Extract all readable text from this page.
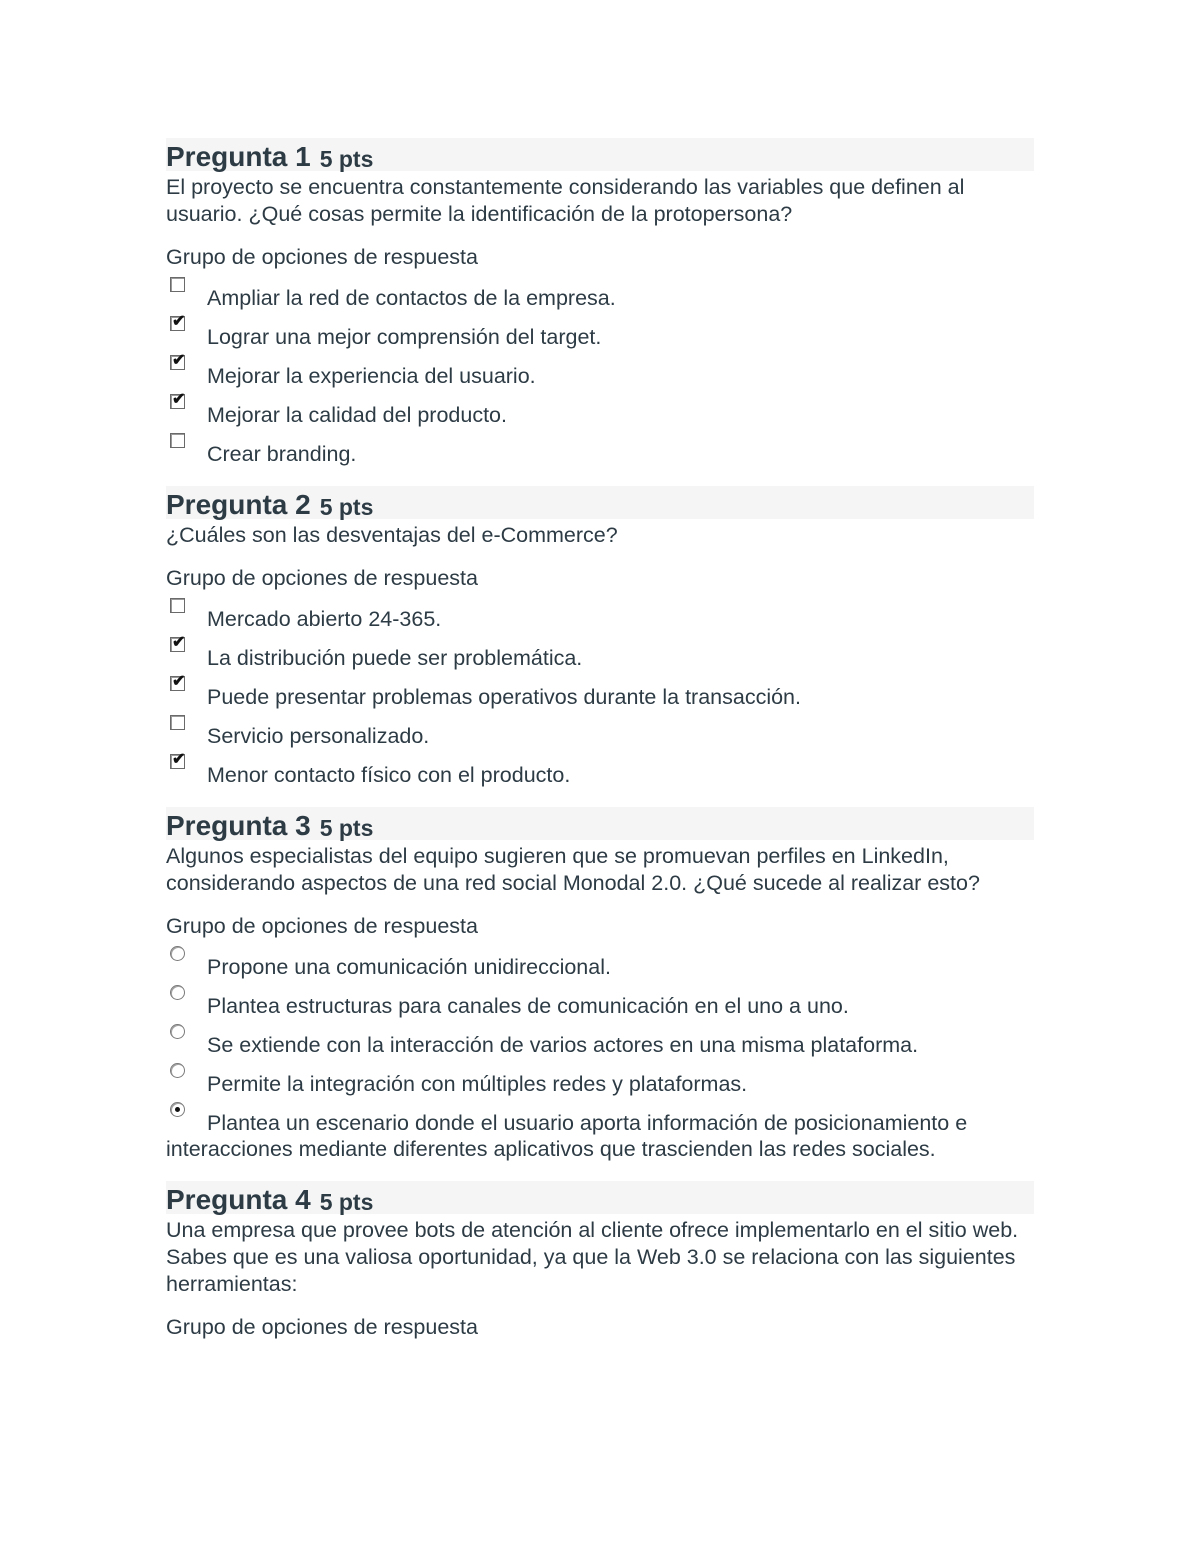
Pregunta 1 5 pts
El proyecto se encuentra constantemente considerando las variables que definen al usuario. ¿Qué cosas permite la identificación de la protopersona?
Grupo de opciones de respuesta
Ampliar la red de contactos de la empresa.
✔
Lograr una mejor comprensión del target.
✔
Mejorar la experiencia del usuario.
✔
Mejorar la calidad del producto.
Crear branding.
Pregunta 2 5 pts
¿Cuáles son las desventajas del e-Commerce?
Grupo de opciones de respuesta
Mercado abierto 24-365.
✔
La distribución puede ser problemática.
✔
Puede presentar problemas operativos durante la transacción.
Servicio personalizado.
✔
Menor contacto físico con el producto.
Pregunta 3 5 pts
Algunos especialistas del equipo sugieren que se promuevan perfiles en LinkedIn, considerando aspectos de una red social Monodal 2.0. ¿Qué sucede al realizar esto?
Grupo de opciones de respuesta
Propone una comunicación unidireccional.
Plantea estructuras para canales de comunicación en el uno a uno.
Se extiende con la interacción de varios actores en una misma plataforma.
Permite la integración con múltiples redes y plataformas.
Plantea un escenario donde el usuario aporta información de posicionamiento e interacciones mediante diferentes aplicativos que trascienden las redes sociales.
Pregunta 4 5 pts
Una empresa que provee bots de atención al cliente ofrece implementarlo en el sitio web. Sabes que es una valiosa oportunidad, ya que la Web 3.0 se relaciona con las siguientes herramientas:
Grupo de opciones de respuesta
